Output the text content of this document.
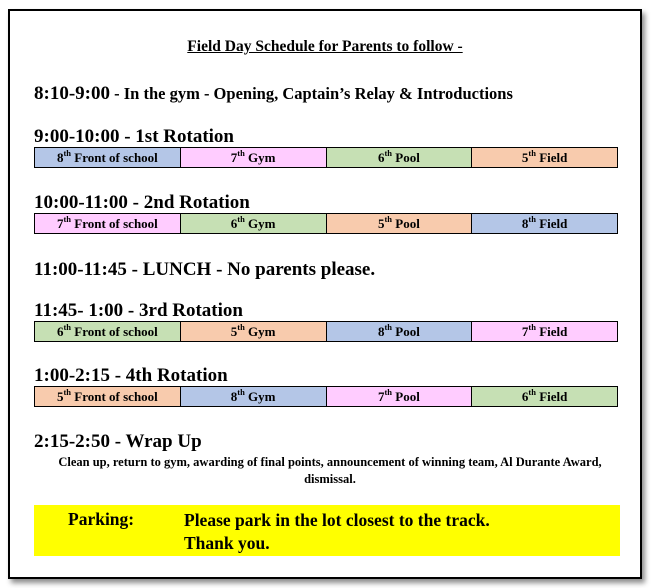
Field Day Schedule for Parents to follow -
8:10-9:00 - In the gym - Opening, Captain’s Relay & Introductions
9:00-10:00 - 1st Rotation
8th Front of school	7th Gym	6th Pool	5th Field
10:00-11:00 - 2nd Rotation
7th Front of school	6th Gym	5th Pool	8th Field
11:00-11:45 - LUNCH - No parents please.
11:45- 1:00 - 3rd Rotation
6th Front of school	5th Gym	8th Pool	7th Field
1:00-2:15 - 4th Rotation
5th Front of school	8th Gym	7th Pool	6th Field
2:15-2:50 - Wrap Up
Clean up, return to gym, awarding of final points, announcement of winning team, Al Durante Award, dismissal.
Parking:	Please park in the lot closest to the track.
Thank you.
